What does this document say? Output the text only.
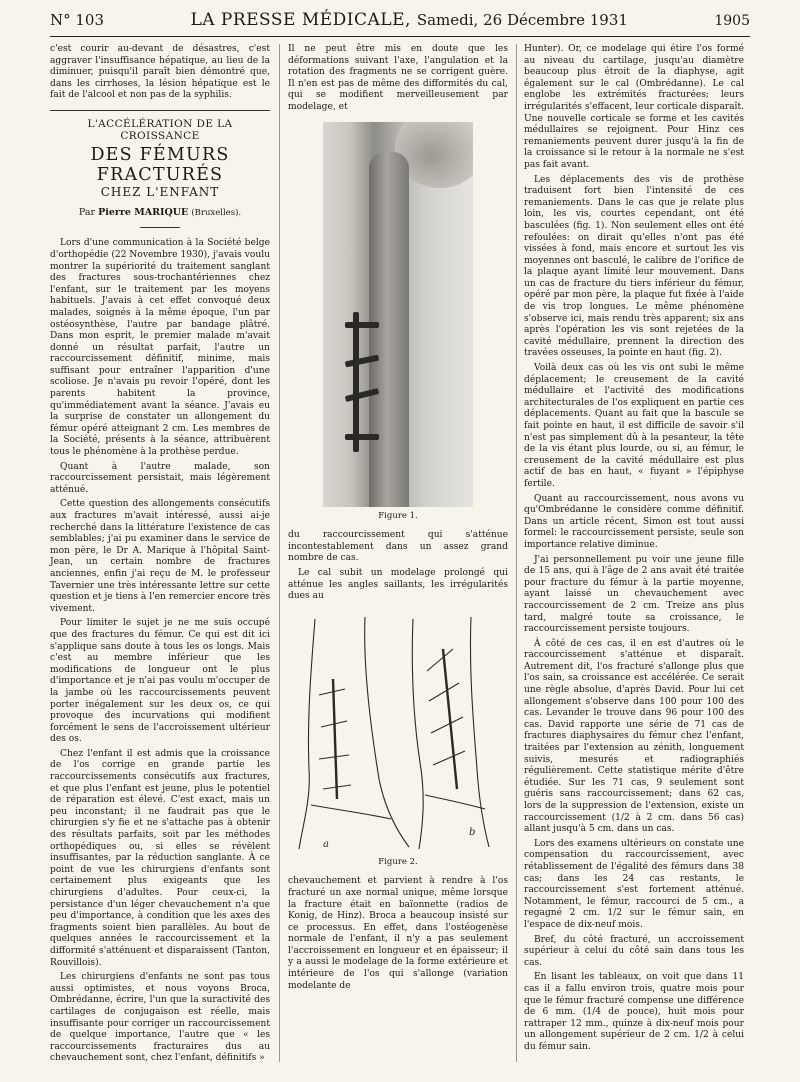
N° 103	LA PRESSE MÉDICALE, Samedi, 26 Décembre 1931	1905

c'est courir au-devant de désastres, c'est aggraver l'insuffisance hépatique, au lieu de la diminuer, puisqu'il paraît bien démontré que, dans les cirrhoses, la lésion hépatique est le fait de l'alcool et non pas de la syphilis.

L'ACCÉLÉRATION DE LA CROISSANCE
DES FÉMURS FRACTURÉS
CHEZ L'ENFANT
Par Pierre MARIQUE (Bruxelles).

Lors d'une communication à la Société belge d'orthopédie (22 Novembre 1930), j'avais voulu montrer la supériorité du traitement sanglant des fractures sous-trochantériennes chez l'enfant, sur le traitement par les moyens habituels. J'avais à cet effet convoqué deux malades, soignés à la même époque, l'un par ostéosynthèse, l'autre par bandage plâtré. Dans mon esprit, le premier malade m'avait donné un résultat parfait, l'autre un raccourcissement définitif, minime, mais suffisant pour entraîner l'apparition d'une scoliose. Je n'avais pu revoir l'opéré, dont les parents habitent la province, qu'immédiatement avant la séance. J'avais eu la surprise de constater un allongement du fémur opéré atteignant 2 cm. Les membres de la Société, présents à la séance, attribuèrent tous le phénomène à la prothèse perdue.

Quant à l'autre malade, son raccourcissement persistait, mais légèrement atténué.

Cette question des allongements consécutifs aux fractures m'avait intéressé, aussi ai-je recherché dans la littérature l'existence de cas semblables; j'ai pu examiner dans le service de mon père, le Dr A. Marique à l'hôpital Saint-Jean, un certain nombre de fractures anciennes, enfin j'ai reçu de M. le professeur Tavernier une très intéressante lettre sur cette question et je tiens à l'en remercier encore très vivement.

Pour limiter le sujet je ne me suis occupé que des fractures du fémur. Ce qui est dit ici s'applique sans doute à tous les os longs. Mais c'est au membre inférieur que les modifications de longueur ont le plus d'importance et je n'ai pas voulu m'occuper de la jambe où les raccourcissements peuvent porter inégalement sur les deux os, ce qui provoque des incurvations qui modifient forcément le sens de l'accroissement ultérieur des os.

Chez l'enfant il est admis que la croissance de l'os corrige en grande partie les raccourcissements consécutifs aux fractures, et que plus l'enfant est jeune, plus le potentiel de réparation est élevé. C'est exact, mais un peu inconstant; il ne faudrait pas que le chirurgien s'y fie et ne s'attache pas à obtenir des résultats parfaits, soit par les méthodes orthopédiques ou, si elles se révèlent insuffisantes, par la réduction sanglante. À ce point de vue les chirurgiens d'enfants sont certainement plus exigeants que les chirurgiens d'adultes. Pour ceux-ci, la persistance d'un léger chevauchement n'a que peu d'importance, à condition que les axes des fragments soient bien parallèles. Au bout de quelques années le raccourcissement et la difformité s'atténuent et disparaissent (Tanton, Rouvillois).

Les chirurgiens d'enfants ne sont pas tous aussi optimistes, et nous voyons Broca, Ombrédanne, écrire, l'un que la suractivité des cartilages de conjugaison est réelle, mais insuffisante pour corriger un raccourcissement de quelque importance, l'autre que « les raccourcissements fracturaires dus au chevauchement sont, chez l'enfant, définitifs »

Il ne peut être mis en doute que les déformations suivant l'axe, l'angulation et la rotation des fragments ne se corrigent guère. Il n'en est pas de même des difformités du cal, qui se modifient merveilleusement par modelage, et

Figure 1.

du raccourcissement qui s'atténue incontestablement dans un assez grand nombre de cas.

Le cal subit un modelage prolongé qui atténue les angles saillants, les irrégularités dues au

a
b
Figure 2.

chevauchement et parvient à rendre à l'os fracturé un axe normal unique, même lorsque la fracture était en baïonnette (radios de Konig, de Hinz). Broca a beaucoup insisté sur ce processus. En effet, dans l'ostéogenèse normale de l'enfant, il n'y a pas seulement l'accroissement en longueur et en épaisseur; il y a aussi le modelage de la forme extérieure et intérieure de l'os qui s'allonge (variation modelante de

Hunter). Or, ce modelage qui étire l'os formé au niveau du cartilage, jusqu'au diamètre beaucoup plus étroit de la diaphyse, agit également sur le cal (Ombrédanne). Le cal englobe les extrémités fracturées; leurs irrégularités s'effacent, leur corticale disparaît. Une nouvelle corticale se forme et les cavités médullaires se rejoignent. Pour Hinz ces remaniements peuvent durer jusqu'à la fin de la croissance si le retour à la normale ne s'est pas fait avant.

Les déplacements des vis de prothèse traduisent fort bien l'intensité de ces remaniements. Dans le cas que je relate plus loin, les vis, courtes cependant, ont été basculées (fig. 1). Non seulement elles ont été refoulées: on dirait qu'elles n'ont pas été vissées à fond, mais encore et surtout les vis moyennes ont basculé, le calibre de l'orifice de la plaque ayant limité leur mouvement. Dans un cas de fracture du tiers inférieur du fémur, opéré par mon père, la plaque fut fixée à l'aide de vis trop longues. Le même phénomène s'observe ici, mais rendu très apparent; six ans après l'opération les vis sont rejetées de la cavité médullaire, prennent la direction des travées osseuses, la pointe en haut (fig. 2).

Voilà deux cas où les vis ont subi le même déplacement; le creusement de la cavité médullaire et l'activité des modifications architecturales de l'os expliquent en partie ces déplacements. Quant au fait que la bascule se fait pointe en haut, il est difficile de savoir s'il n'est pas simplement dû à la pesanteur, la tête de la vis étant plus lourde, ou si, au fémur, le creusement de la cavité médullaire est plus actif de bas en haut, « fuyant » l'épiphyse fertile.

Quant au raccourcissement, nous avons vu qu'Ombrédanne le considère comme définitif. Dans un article récent, Simon est tout aussi formel: le raccourcissement persiste, seule son importance relative diminue.

J'ai personnellement pu voir une jeune fille de 15 ans, qui à l'âge de 2 ans avait été traitée pour fracture du fémur à la partie moyenne, ayant laissé un chevauchement avec raccourcissement de 2 cm. Treize ans plus tard, malgré toute sa croissance, le raccourcissement persiste toujours.

À côté de ces cas, il en est d'autres où le raccourcissement s'atténue et disparaît. Autrement dit, l'os fracturé s'allonge plus que l'os sain, sa croissance est accélérée. Ce serait une règle absolue, d'après David. Pour lui cet allongement s'observe dans 100 pour 100 des cas. Levander le trouve dans 96 pour 100 des cas. David rapporte une série de 71 cas de fractures diaphysaires du fémur chez l'enfant, traitées par l'extension au zénith, longuement suivis, mesurés et radiographiés régulièrement. Cette statistique mérite d'être étudiée. Sur les 71 cas, 9 seulement sont guéris sans raccourcissement; dans 62 cas, lors de la suppression de l'extension, existe un raccourcissement (1/2 à 2 cm. dans 56 cas) allant jusqu'à 5 cm. dans un cas.

Lors des examens ultérieurs on constate une compensation du raccourcissement, avec rétablissement de l'égalité des fémurs dans 38 cas; dans les 24 cas restants, le raccourcissement s'est fortement atténué. Notamment, le fémur, raccourci de 5 cm., a regagné 2 cm. 1/2 sur le fémur sain, en l'espace de dix-neuf mois.

Bref, du côté fracturé, un accroissement supérieur à celui du côté sain dans tous les cas.

En lisant les tableaux, on voit que dans 11 cas il a fallu environ trois, quatre mois pour que le fémur fracturé compense une différence de 6 mm. (1/4 de pouce), huit mois pour rattraper 12 mm., quinze à dix-neuf mois pour un allongement supérieur de 2 cm. 1/2 à celui du fémur sain.
